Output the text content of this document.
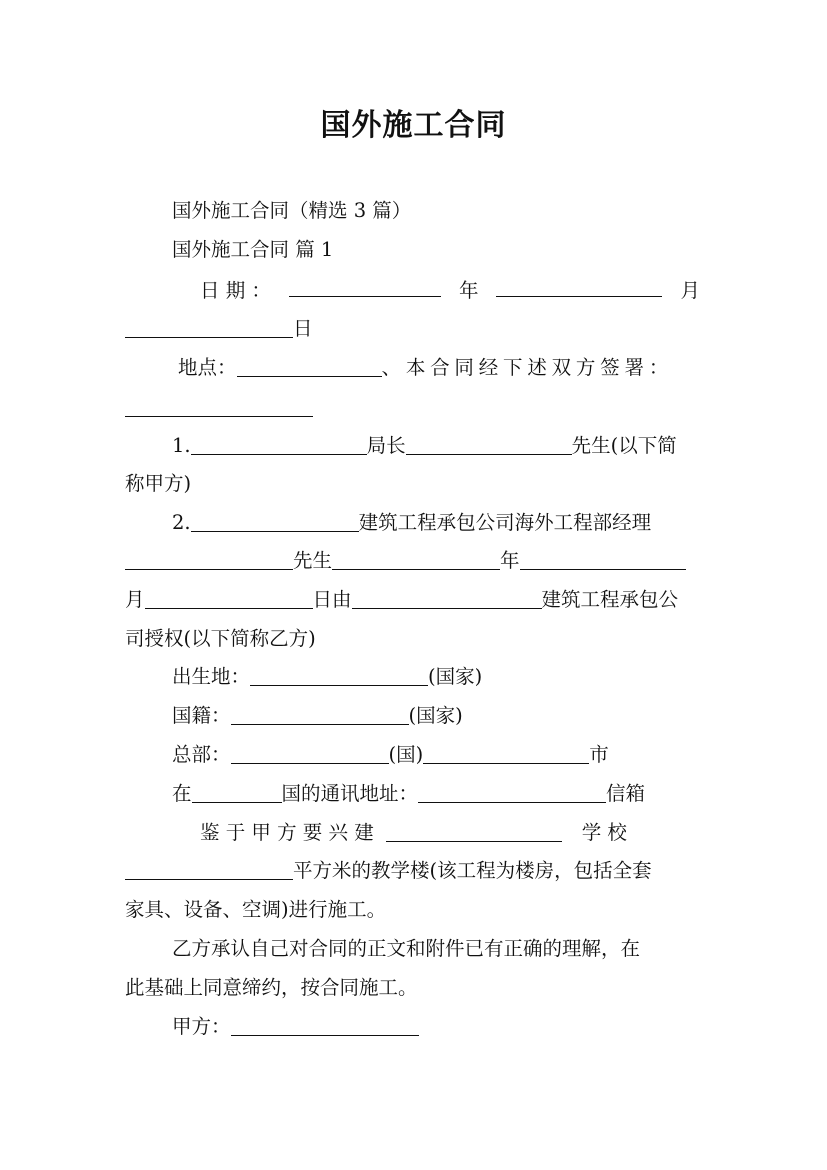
国外施工合同
国外施工合同（精选 3 篇）
国外施工合同 篇 1
日 期 ：	年	月
日
地点：	、本合同经下述双方签署：
1.	局长	先生(以下简
称甲方)
2.	建筑工程承包公司海外工程部经理
先生	年
月	日由	建筑工程承包公
司授权(以下简称乙方)
出生地：	(国家)
国籍：	(国家)
总部：	(国)	市
在	国的通讯地址：	信箱
鉴 于 甲 方 要 兴 建	学 校
平方米的教学楼(该工程为楼房，包括全套
家具、设备、空调)进行施工。
乙方承认自己对合同的正文和附件已有正确的理解，在
此基础上同意缔约，按合同施工。
甲方：
